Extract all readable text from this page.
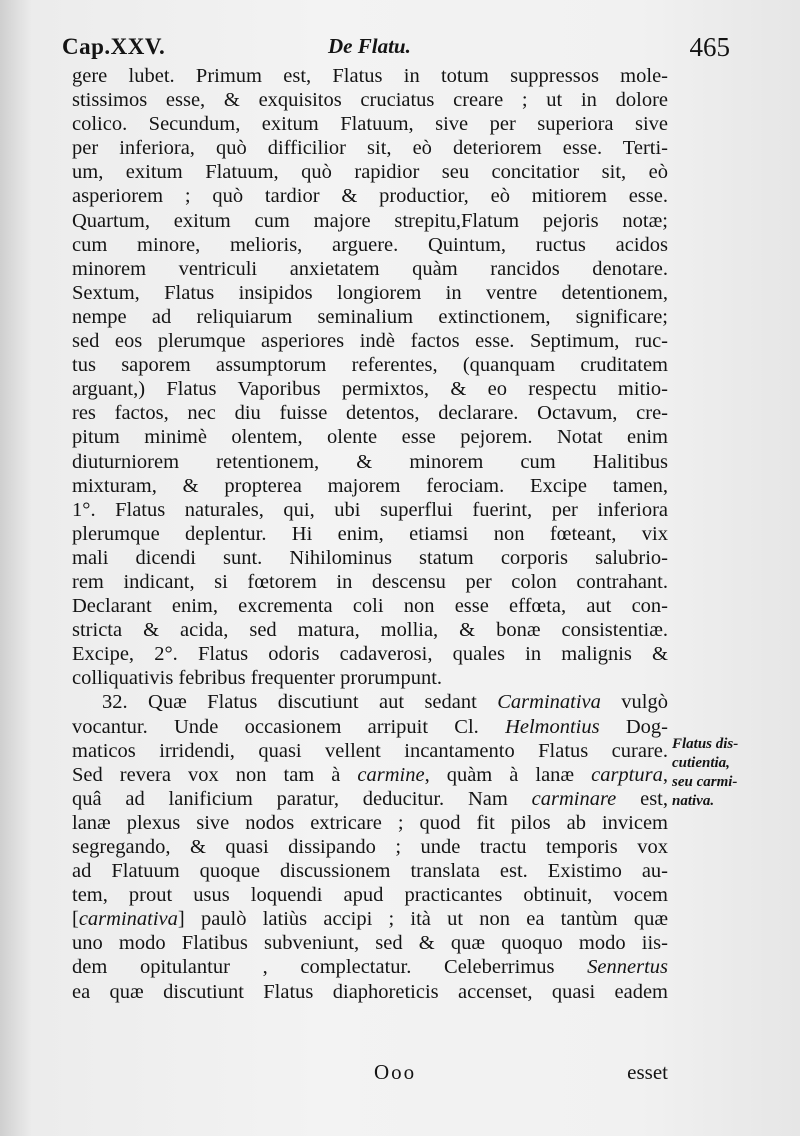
Cap.XXV.	De Flatu.	465
gere lubet. Primum est, Flatus in totum suppressos mole-
stissimos esse, & exquisitos cruciatus creare ; ut in dolore
colico. Secundum, exitum Flatuum, sive per superiora sive
per inferiora, quò difficilior sit, eò deteriorem esse. Terti-
um, exitum Flatuum, quò rapidior seu concitatior sit, eò
asperiorem ; quò tardior & productior, eò mitiorem esse.
Quartum, exitum cum majore strepitu,Flatum pejoris notæ;
cum minore, melioris, arguere. Quintum, ructus acidos
minorem ventriculi anxietatem quàm rancidos denotare.
Sextum, Flatus insipidos longiorem in ventre detentionem,
nempe ad reliquiarum seminalium extinctionem, significare;
sed eos plerumque asperiores indè factos esse. Septimum, ruc-
tus saporem assumptorum referentes, (quanquam cruditatem
arguant,) Flatus Vaporibus permixtos, & eo respectu mitio-
res factos, nec diu fuisse detentos, declarare. Octavum, cre-
pitum minimè olentem, olente esse pejorem. Notat enim
diuturniorem retentionem, & minorem cum Halitibus
mixturam, & propterea majorem ferociam. Excipe tamen,
1°. Flatus naturales, qui, ubi superflui fuerint, per inferiora
plerumque deplentur. Hi enim, etiamsi non fœteant, vix
mali dicendi sunt. Nihilominus statum corporis salubrio-
rem indicant, si fœtorem in descensu per colon contrahant.
Declarant enim, excrementa coli non esse effœta, aut con-
stricta & acida, sed matura, mollia, & bonæ consistentiæ.
Excipe, 2°. Flatus odoris cadaverosi, quales in malignis &
colliquativis febribus frequenter prorumpunt.
32. Quæ Flatus discutiunt aut sedant Carminativa vulgò
vocantur. Unde occasionem arripuit Cl. Helmontius Dog-
maticos irridendi, quasi vellent incantamento Flatus curare.
Sed revera vox non tam à carmine, quàm à lanæ carptura,
quâ ad lanificium paratur, deducitur. Nam carminare est,
lanæ plexus sive nodos extricare ; quod fit pilos ab invicem
segregando, & quasi dissipando ; unde tractu temporis vox
ad Flatuum quoque discussionem translata est. Existimo au-
tem, prout usus loquendi apud practicantes obtinuit, vocem
[carminativa] paulò latiùs accipi ; ità ut non ea tantùm quæ
uno modo Flatibus subveniunt, sed & quæ quoquo modo iis-
dem opitulantur , complectatur. Celeberrimus Sennertus
ea quæ discutiunt Flatus diaphoreticis accenset, quasi eadem
Flatus dis-
cutientia,
seu carmi-
nativa.
Ooo	esset
